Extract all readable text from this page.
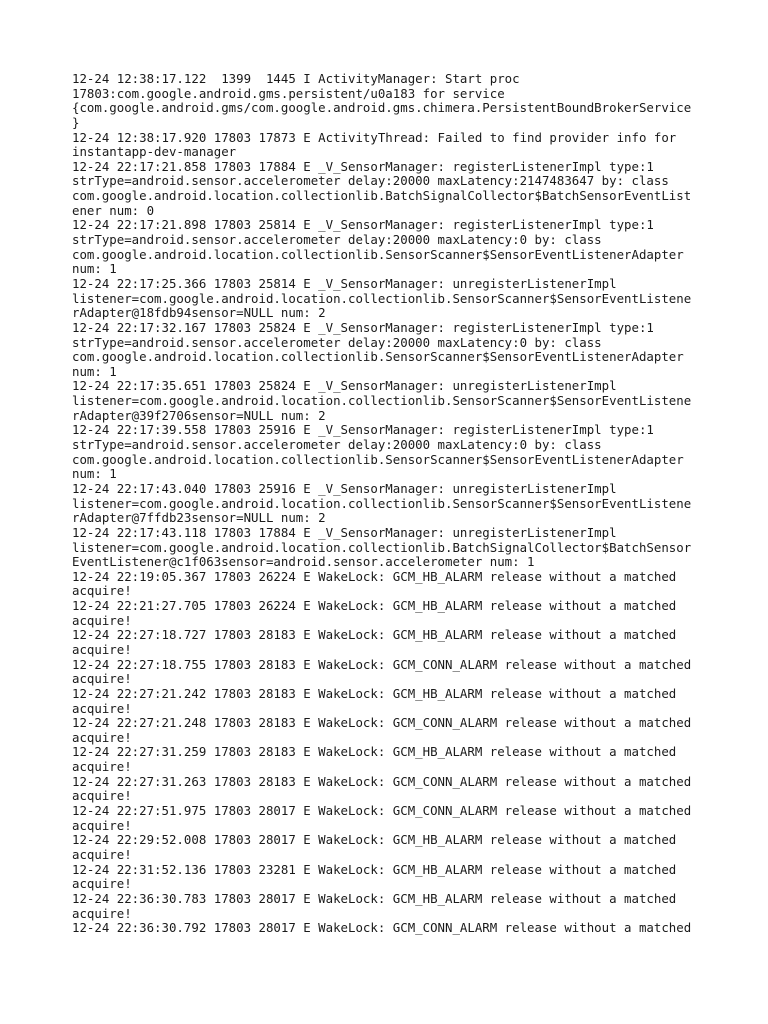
12-24 12:38:17.122  1399  1445 I ActivityManager: Start proc
17803:com.google.android.gms.persistent/u0a183 for service
{com.google.android.gms/com.google.android.gms.chimera.PersistentBoundBrokerService
}
12-24 12:38:17.920 17803 17873 E ActivityThread: Failed to find provider info for
instantapp-dev-manager
12-24 22:17:21.858 17803 17884 E _V_SensorManager: registerListenerImpl type:1
strType=android.sensor.accelerometer delay:20000 maxLatency:2147483647 by: class
com.google.android.location.collectionlib.BatchSignalCollector$BatchSensorEventList
ener num: 0
12-24 22:17:21.898 17803 25814 E _V_SensorManager: registerListenerImpl type:1
strType=android.sensor.accelerometer delay:20000 maxLatency:0 by: class
com.google.android.location.collectionlib.SensorScanner$SensorEventListenerAdapter
num: 1
12-24 22:17:25.366 17803 25814 E _V_SensorManager: unregisterListenerImpl
listener=com.google.android.location.collectionlib.SensorScanner$SensorEventListene
rAdapter@18fdb94sensor=NULL num: 2
12-24 22:17:32.167 17803 25824 E _V_SensorManager: registerListenerImpl type:1
strType=android.sensor.accelerometer delay:20000 maxLatency:0 by: class
com.google.android.location.collectionlib.SensorScanner$SensorEventListenerAdapter
num: 1
12-24 22:17:35.651 17803 25824 E _V_SensorManager: unregisterListenerImpl
listener=com.google.android.location.collectionlib.SensorScanner$SensorEventListene
rAdapter@39f2706sensor=NULL num: 2
12-24 22:17:39.558 17803 25916 E _V_SensorManager: registerListenerImpl type:1
strType=android.sensor.accelerometer delay:20000 maxLatency:0 by: class
com.google.android.location.collectionlib.SensorScanner$SensorEventListenerAdapter
num: 1
12-24 22:17:43.040 17803 25916 E _V_SensorManager: unregisterListenerImpl
listener=com.google.android.location.collectionlib.SensorScanner$SensorEventListene
rAdapter@7ffdb23sensor=NULL num: 2
12-24 22:17:43.118 17803 17884 E _V_SensorManager: unregisterListenerImpl
listener=com.google.android.location.collectionlib.BatchSignalCollector$BatchSensor
EventListener@c1f063sensor=android.sensor.accelerometer num: 1
12-24 22:19:05.367 17803 26224 E WakeLock: GCM_HB_ALARM release without a matched
acquire!
12-24 22:21:27.705 17803 26224 E WakeLock: GCM_HB_ALARM release without a matched
acquire!
12-24 22:27:18.727 17803 28183 E WakeLock: GCM_HB_ALARM release without a matched
acquire!
12-24 22:27:18.755 17803 28183 E WakeLock: GCM_CONN_ALARM release without a matched
acquire!
12-24 22:27:21.242 17803 28183 E WakeLock: GCM_HB_ALARM release without a matched
acquire!
12-24 22:27:21.248 17803 28183 E WakeLock: GCM_CONN_ALARM release without a matched
acquire!
12-24 22:27:31.259 17803 28183 E WakeLock: GCM_HB_ALARM release without a matched
acquire!
12-24 22:27:31.263 17803 28183 E WakeLock: GCM_CONN_ALARM release without a matched
acquire!
12-24 22:27:51.975 17803 28017 E WakeLock: GCM_CONN_ALARM release without a matched
acquire!
12-24 22:29:52.008 17803 28017 E WakeLock: GCM_HB_ALARM release without a matched
acquire!
12-24 22:31:52.136 17803 23281 E WakeLock: GCM_HB_ALARM release without a matched
acquire!
12-24 22:36:30.783 17803 28017 E WakeLock: GCM_HB_ALARM release without a matched
acquire!
12-24 22:36:30.792 17803 28017 E WakeLock: GCM_CONN_ALARM release without a matched
